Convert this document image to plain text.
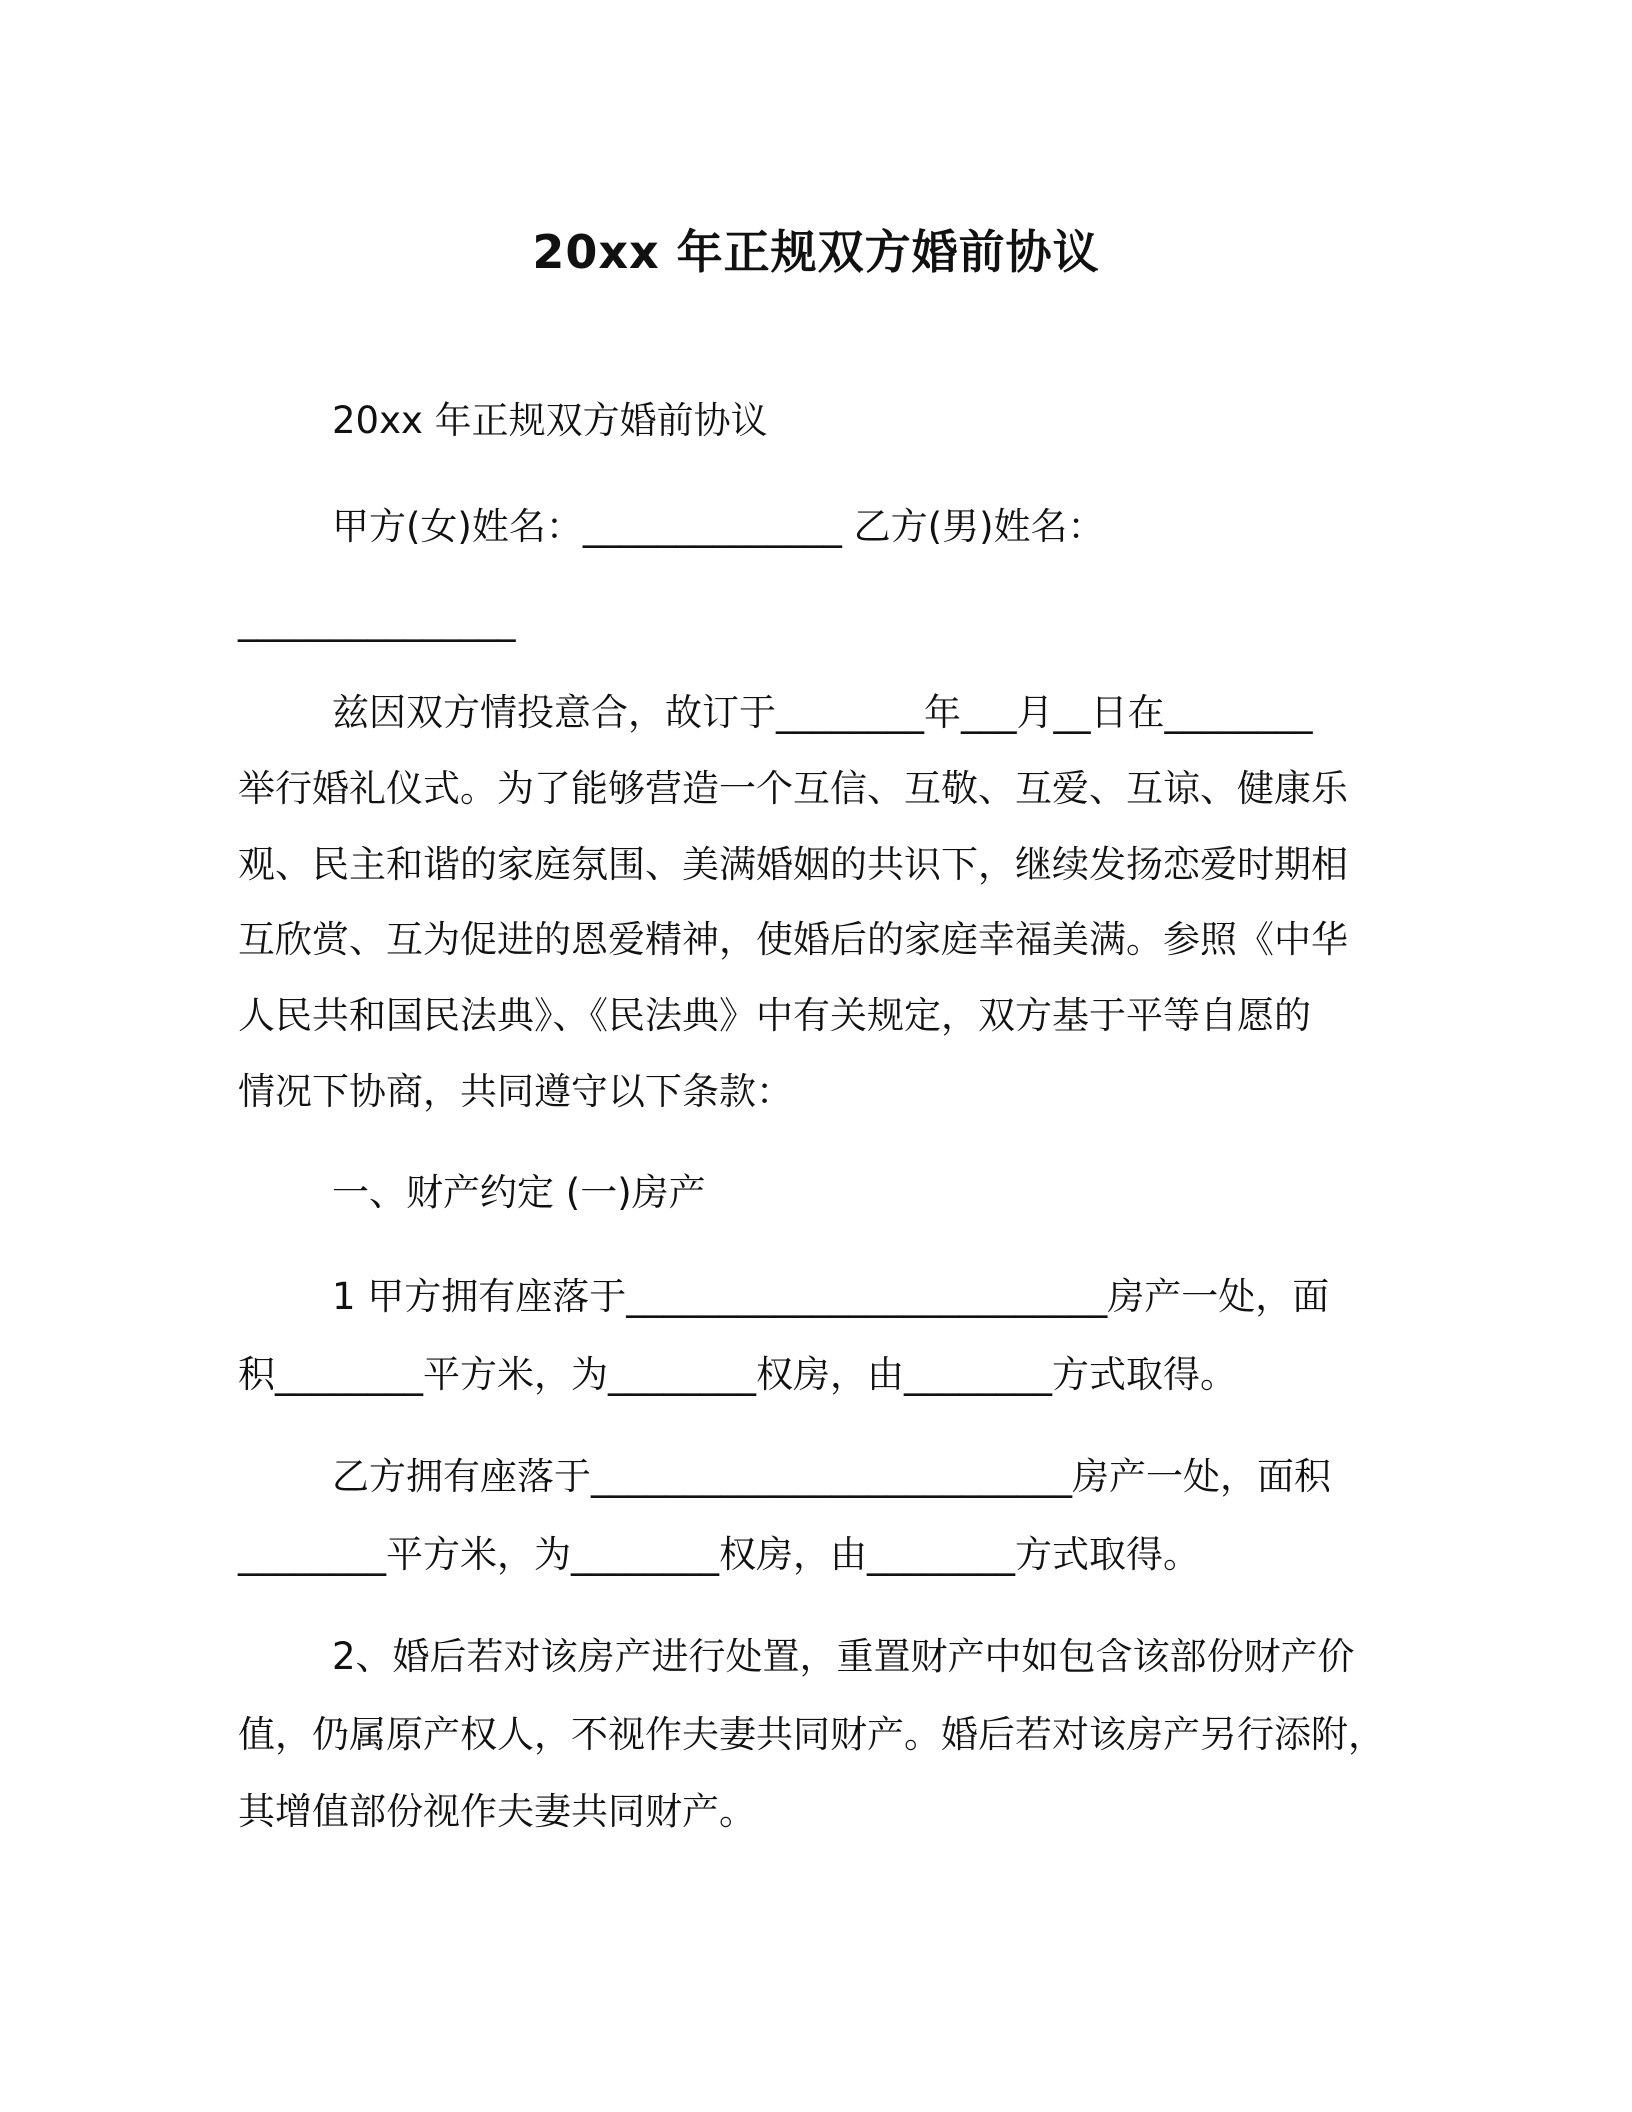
20xx 年正规双方婚前协议
20xx 年正规双方婚前协议
甲方(女)姓名：______________ 乙方(男)姓名：
_______________
兹因双方情投意合，故订于________年___月__日在________
举行婚礼仪式。为了能够营造一个互信、互敬、互爱、互谅、健康乐
观、民主和谐的家庭氛围、美满婚姻的共识下，继续发扬恋爱时期相
互欣赏、互为促进的恩爱精神，使婚后的家庭幸福美满。参照《中华
人民共和国民法典》、《民法典》中有关规定，双方基于平等自愿的
情况下协商，共同遵守以下条款：
一、财产约定 (一)房产
1 甲方拥有座落于__________________________房产一处，面
积________平方米，为________权房，由________方式取得。
乙方拥有座落于__________________________房产一处，面积
________平方米，为________权房，由________方式取得。
2、婚后若对该房产进行处置，重置财产中如包含该部份财产价
值，仍属原产权人，不视作夫妻共同财产。婚后若对该房产另行添附，
其增值部份视作夫妻共同财产。
